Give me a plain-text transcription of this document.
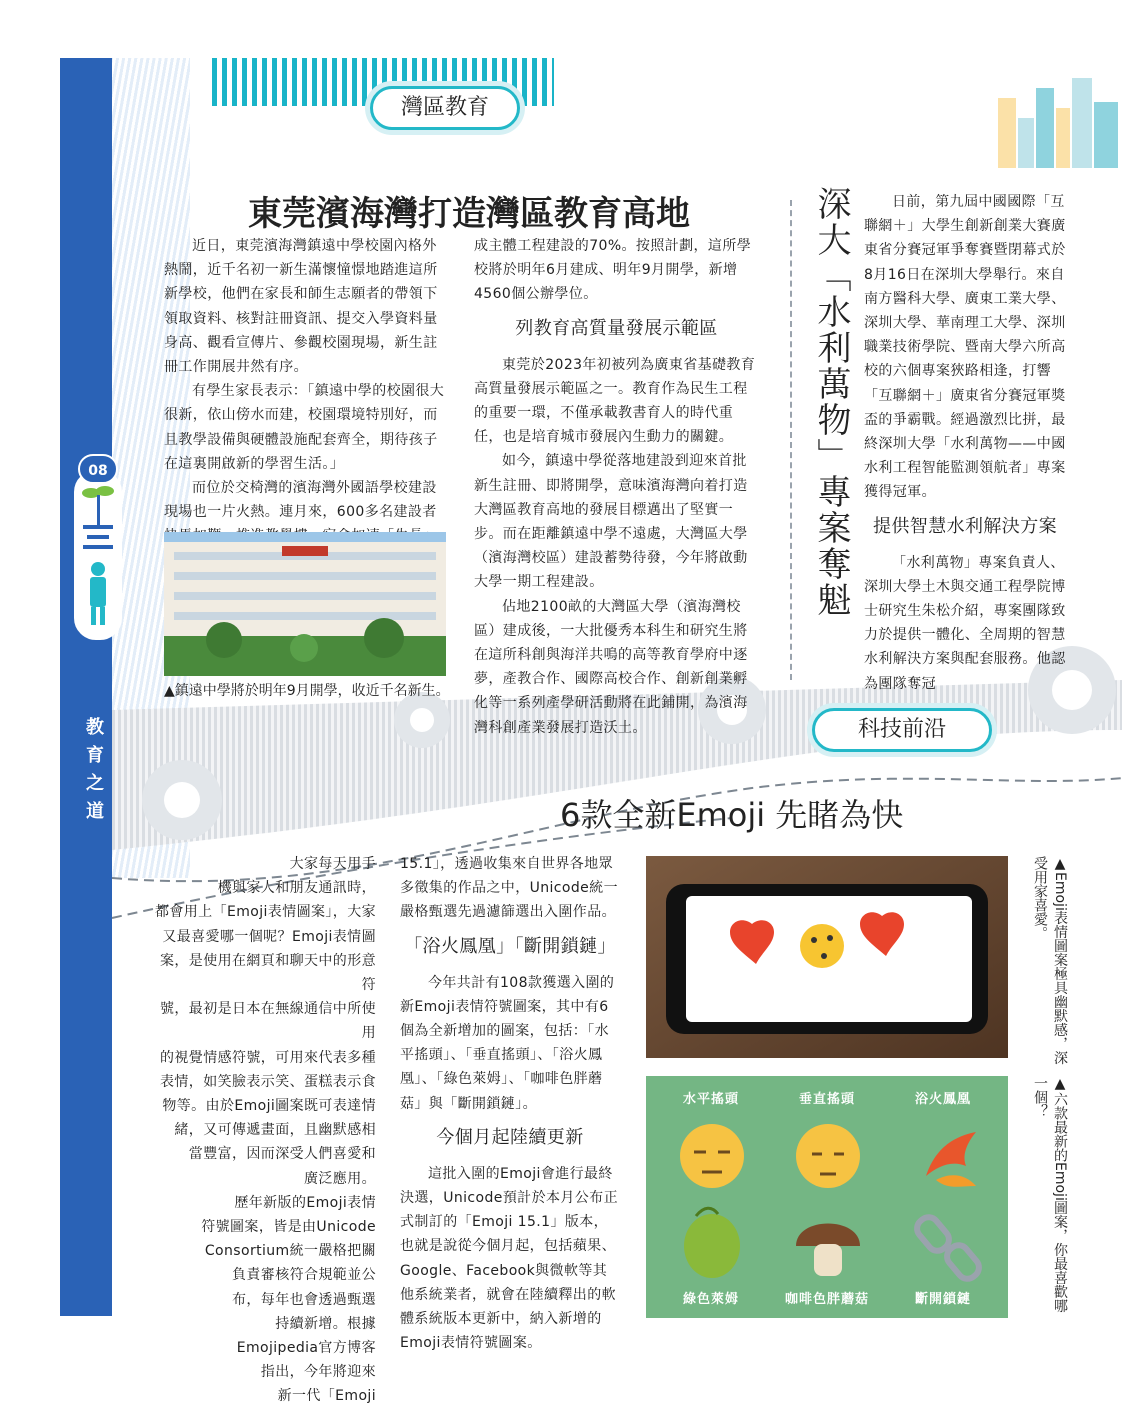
灣區教育
08
教
育
之
道
東莞濱海灣打造灣區教育高地

近日，東莞濱海灣鎮遠中學校園內格外熱鬧，近千名初一新生滿懷憧憬地踏進這所新學校，他們在家長和師生志願者的帶領下領取資料、核對註冊資訊、提交入學資料量身高、觀看宣傳片、參觀校園現場，新生註冊工作開展井然有序。

有學生家長表示：「鎮遠中學的校園很大很新，依山傍水而建，校園環境特別好，而且教學設備與硬體設施配套齊全，期待孩子在這裏開啟新的學習生活。」

而位於交椅灣的濱海灣外國語學校建設現場也一片火熱。連月來，600多名建設者

▲鎮遠中學將於明年9月開學，收近千名新生。

成主體工程建設的70%。按照計劃，這所學校將於明年6月建成、明年9月開學，新增4560個公辦學位。

列教育高質量發展示範區

東莞於2023年初被列為廣東省基礎教育高質量發展示範區之一。教育作為民生工程的重要一環，不僅承載教書育人的時代重任，也是培育城市發展內生動力的關鍵。

如今，鎮遠中學從落地建設到迎來首批新生註冊、即將開學，意味濱海灣向着打造大灣區教育高地的發展目標邁出了堅實一步。而在距離鎮遠中學不遠處，大灣區大學（濱海灣校區）建設蓄勢待發，今年將啟動大學一期工程建設。

佔地2100畝的大灣區大學（濱海灣校區）建成後，一大批優秀本科生和研究生將在這所科創與海洋共鳴的高等教育學府中逐夢，產教合作、國際高校合作、創新創業孵化等一系列產學研活動將在此鋪開，為濱海灣科創產業發展打造沃土。

深大「水利萬物」專案奪魁	日前，第九屆中國國際「互聯網＋」大學生創新創業大賽廣東省分賽冠軍爭奪賽暨閉幕式於8月16日在深圳大學舉行。來自南方醫科大學、廣東工業大學、深圳大學、華南理工大學、深圳職業技術學院、暨南大學六所高校的六個專案狹路相逢，打響「互聯網＋」廣東省分賽冠軍獎盃的爭霸戰。經過激烈比拼，最終深圳大學「水利萬物——中國水利工程智能監測領航者」專案獲得冠軍。

提供智慧水利解決方案

「水利萬物」專案負責人、深圳大學土木與交通工程學院博士研究生朱松介紹，專案團隊致力於提供一體化、全周期的智慧水利解決方案與配套服務。他認為團隊奪冠

科技前沿
6款全新Emoji 先睹為快

大家每天用手

機與家人和朋友通訊時，

都會用上「Emoji表情圖案」，大家

又最喜愛哪一個呢？Emoji表情圖

案，是使用在網頁和聊天中的形意符

號，最初是日本在無線通信中所使用

的視覺情感符號，可用來代表多種

表情，如笑臉表示笑、蛋糕表示食

物等。由於Emoji圖案既可表達情

緒，又可傳遞畫面，且幽默感相

當豐富，因而深受人們喜愛和

廣泛應用。

歷年新版的Emoji表情

符號圖案，皆是由Unicode

Consortium統一嚴格把關

負責審核符合規範並公

布，每年也會透過甄選

持續新增。根據

Emojipedia官方博客

指出，今年將迎來

新一代「Emoji

15.1」，透過收集來自世界各地眾多徵集的作品之中，Unicode統一嚴格甄選先過濾篩選出入圍作品。

「浴火鳳凰」「斷開鎖鏈」

今年共計有108款獲選入圍的新Emoji表情符號圖案，其中有6個為全新增加的圖案，包括：「水平搖頭」、「垂直搖頭」、「浴火鳳凰」、「綠色萊姆」、「咖啡色胖蘑菇」與「斷開鎖鏈」。

今個月起陸續更新

這批入圍的Emoji會進行最終決選，Unicode預計於本月公布正式制訂的「Emoji 15.1」版本，也就是說從今個月起，包括蘋果、Google、Facebook與微軟等其他系統業者，就會在陸續釋出的軟體系統版本更新中，納入新增的Emoji表情符號圖案。

水平搖頭	垂直搖頭	浴火鳳凰
綠色萊姆	咖啡色胖蘑菇	斷開鎖鏈
▲Emoji表情圖案極具幽默感，深受用家喜愛。
▲六款最新的Emoji圖案，你最喜歡哪一個？
